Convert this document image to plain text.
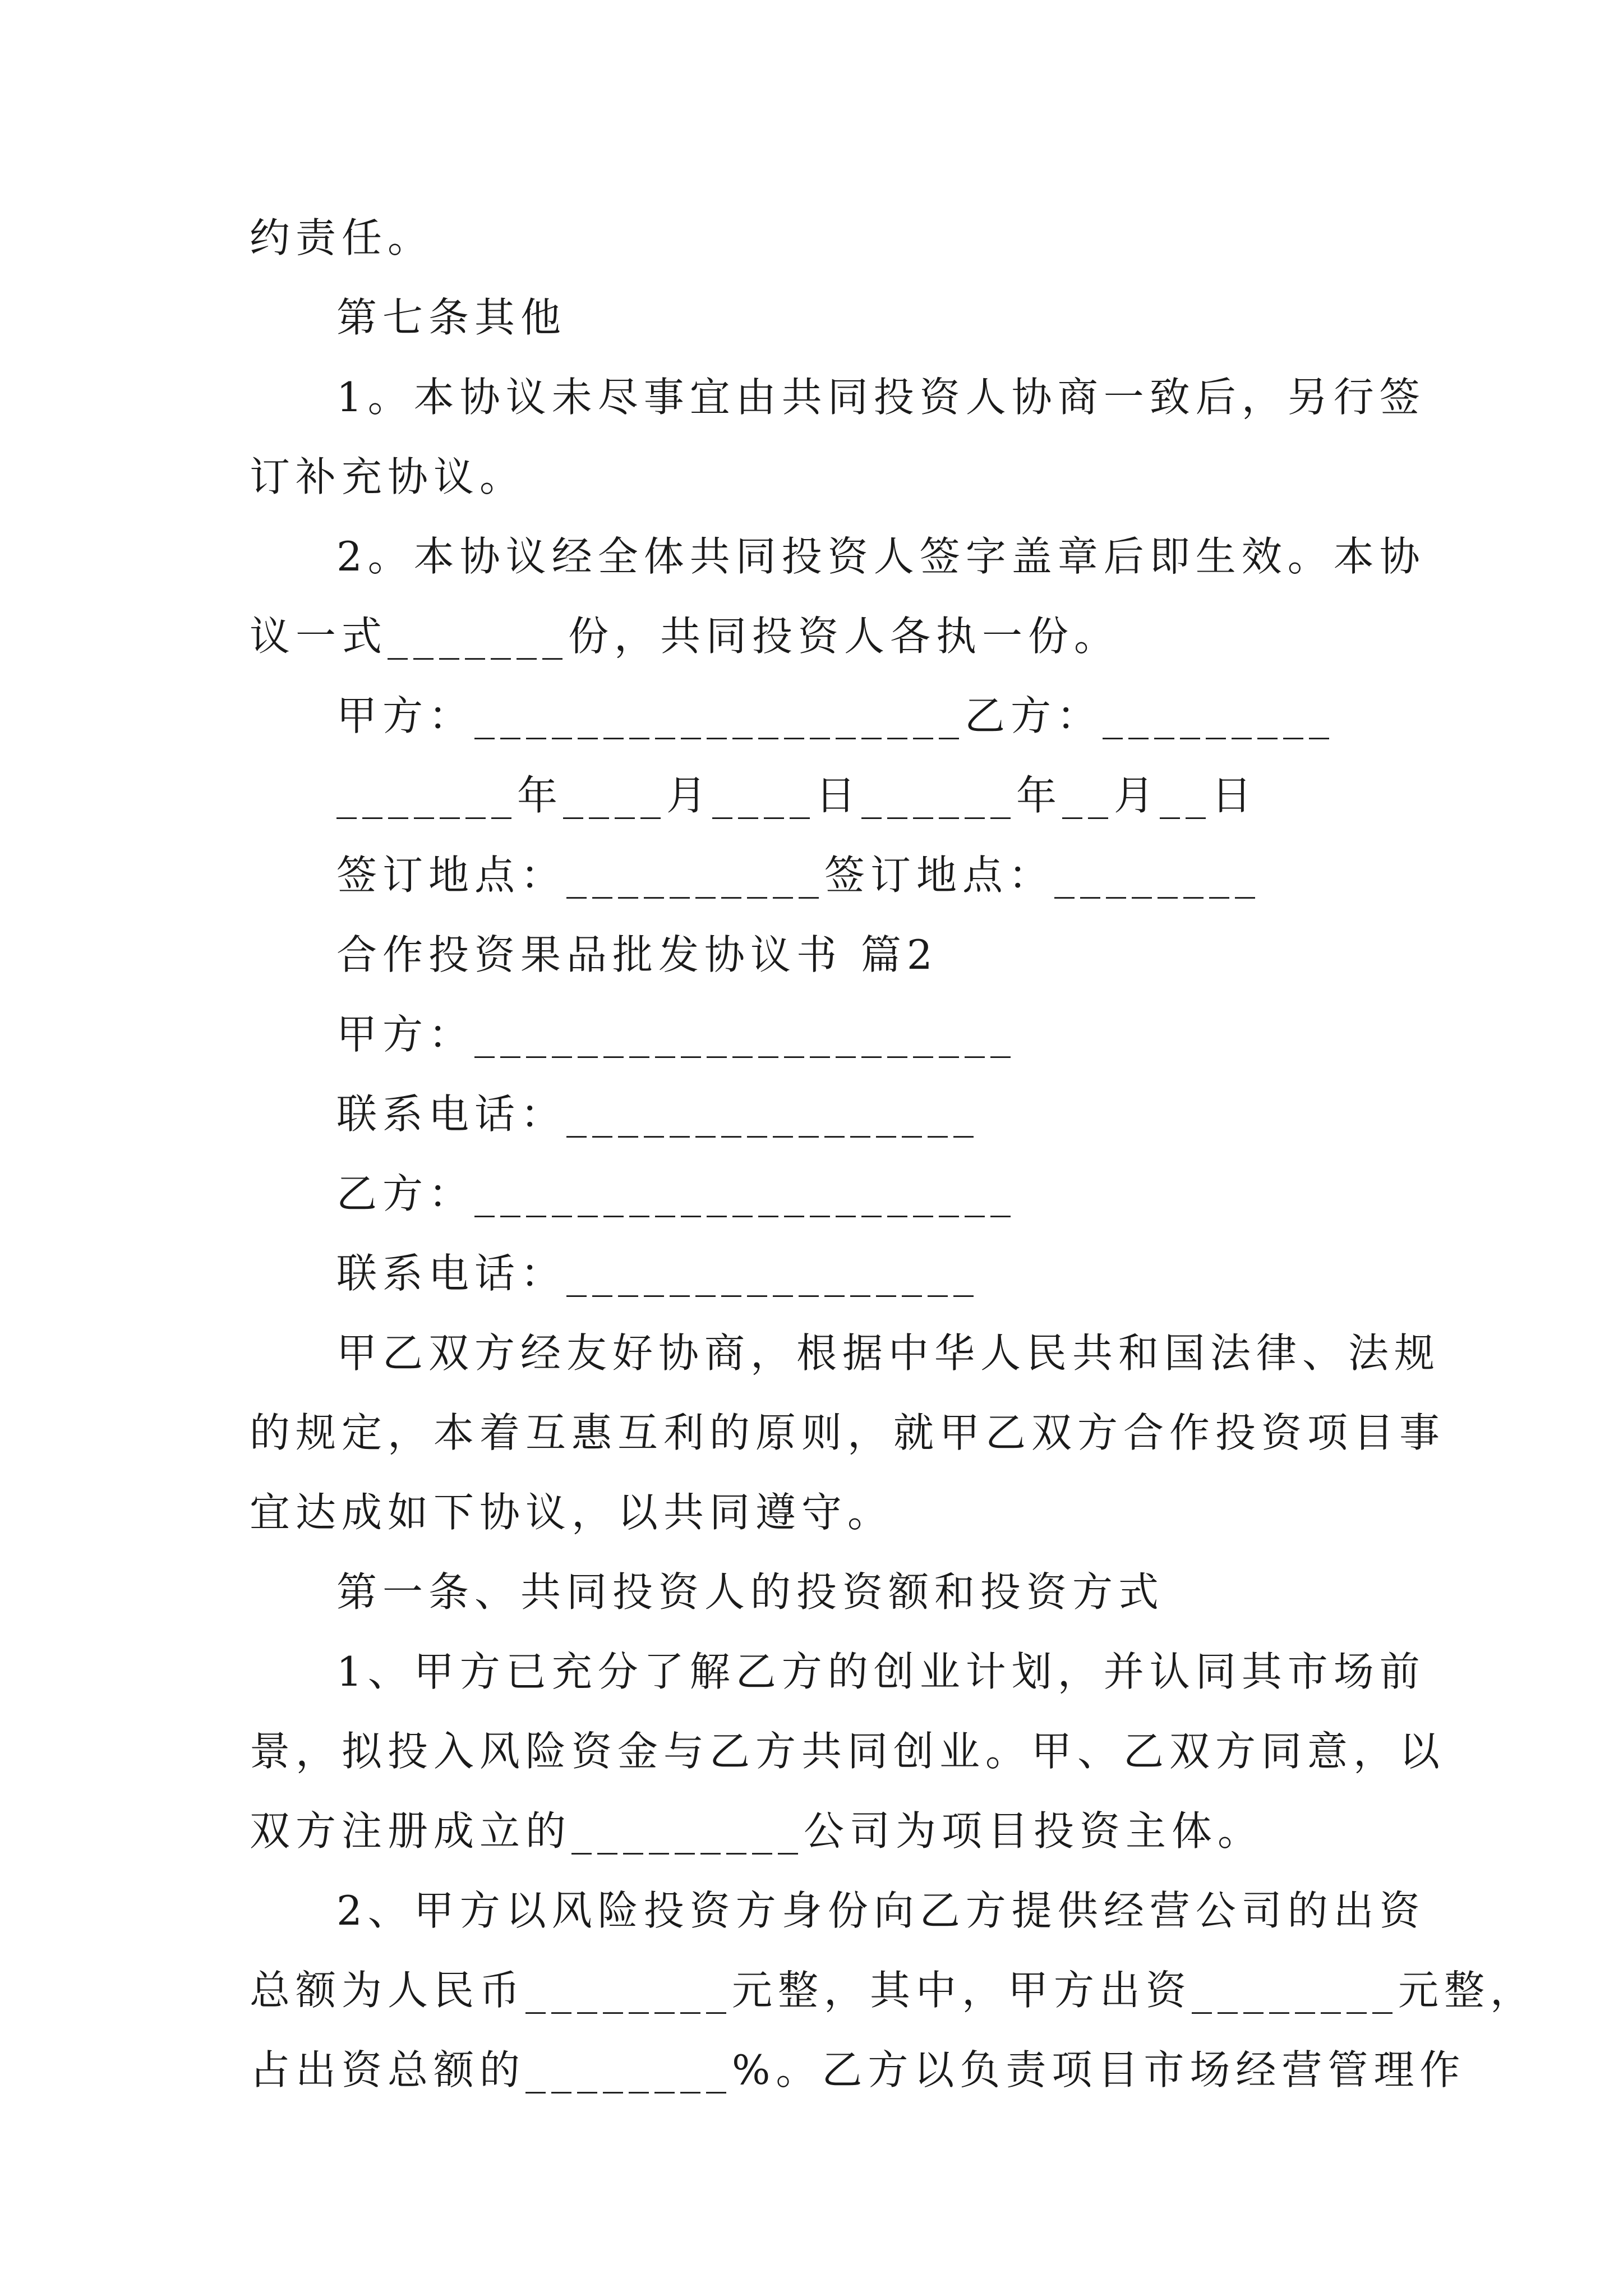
约责任。
第七条其他
1。本协议未尽事宜由共同投资人协商一致后，另行签
订补充协议。
2。本协议经全体共同投资人签字盖章后即生效。本协
议一式_______份，共同投资人各执一份。
甲方：___________________乙方：_________
_______年____月____日______年__月__日
签订地点：__________签订地点：________
合作投资果品批发协议书 篇2
甲方：_____________________
联系电话：________________
乙方：_____________________
联系电话：________________
甲乙双方经友好协商，根据中华人民共和国法律、法规
的规定，本着互惠互利的原则，就甲乙双方合作投资项目事
宜达成如下协议，以共同遵守。
第一条、共同投资人的投资额和投资方式
1、甲方已充分了解乙方的创业计划，并认同其市场前
景，拟投入风险资金与乙方共同创业。甲、乙双方同意，以
双方注册成立的_________公司为项目投资主体。
2、甲方以风险投资方身份向乙方提供经营公司的出资
总额为人民币________元整，其中，甲方出资________元整，
占出资总额的________%。乙方以负责项目市场经营管理作
